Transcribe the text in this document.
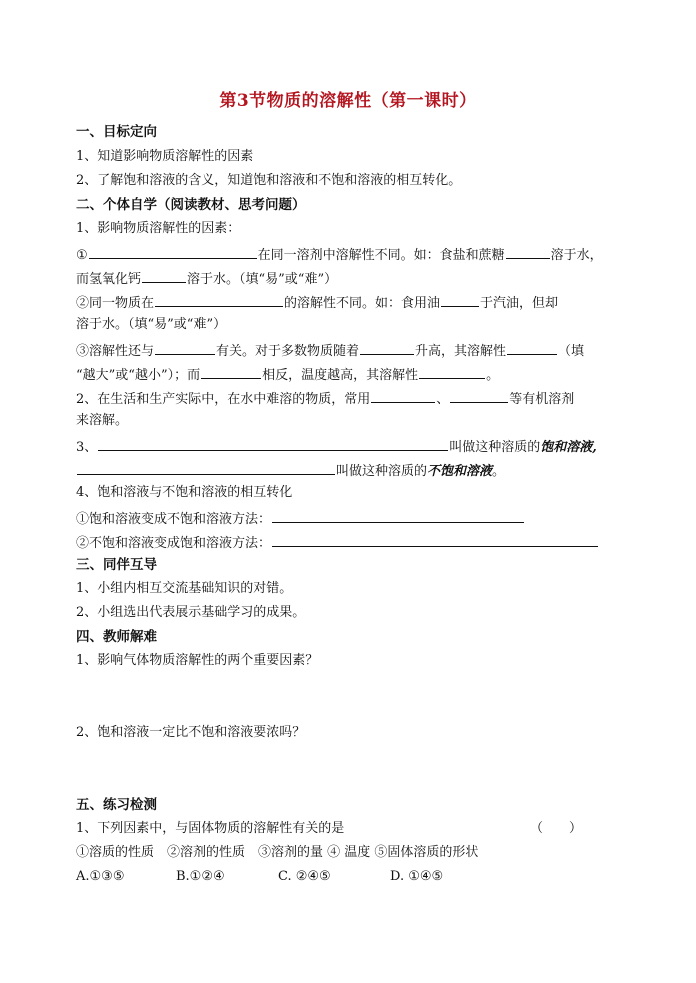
第3节物质的溶解性（第一课时）
一、目标定向
1、知道影响物质溶解性的因素
2、了解饱和溶液的含义，知道饱和溶液和不饱和溶液的相互转化。
二、个体自学（阅读教材、思考问题）
1、影响物质溶解性的因素：
①	在同一溶剂中溶解性不同。如：食盐和蔗糖	溶于水，
而氢氧化钙	溶于水。（填“易”或“难”）
②同一物质在	的溶解性不同。如：食用油	于汽油，但却
溶于水。（填“易”或“难”）
③溶解性还与	有关。对于多数物质随着	升高，其溶解性	（填
“越大”或“越小”）；而	相反，温度越高，其溶解性	。
2、在生活和生产实际中，在水中难溶的物质，常用	、	等有机溶剂
来溶解。
3、	叫做这种溶质的饱和溶液,
叫做这种溶质的不饱和溶液。
4、饱和溶液与不饱和溶液的相互转化
①饱和溶液变成不饱和溶液方法：
②不饱和溶液变成饱和溶液方法：
三、同伴互导
1、小组内相互交流基础知识的对错。
2、小组选出代表展示基础学习的成果。
四、教师解难
1、影响气体物质溶解性的两个重要因素？
2、饱和溶液一定比不饱和溶液要浓吗？
五、练习检测
1、下列因素中，与固体物质的溶解性有关的是	（　　）
①溶质的性质　②溶剂的性质　③溶剂的量 ④ 温度 ⑤固体溶质的形状
A.①③⑤	B.①②④	C. ②④⑤	D. ①④⑤
